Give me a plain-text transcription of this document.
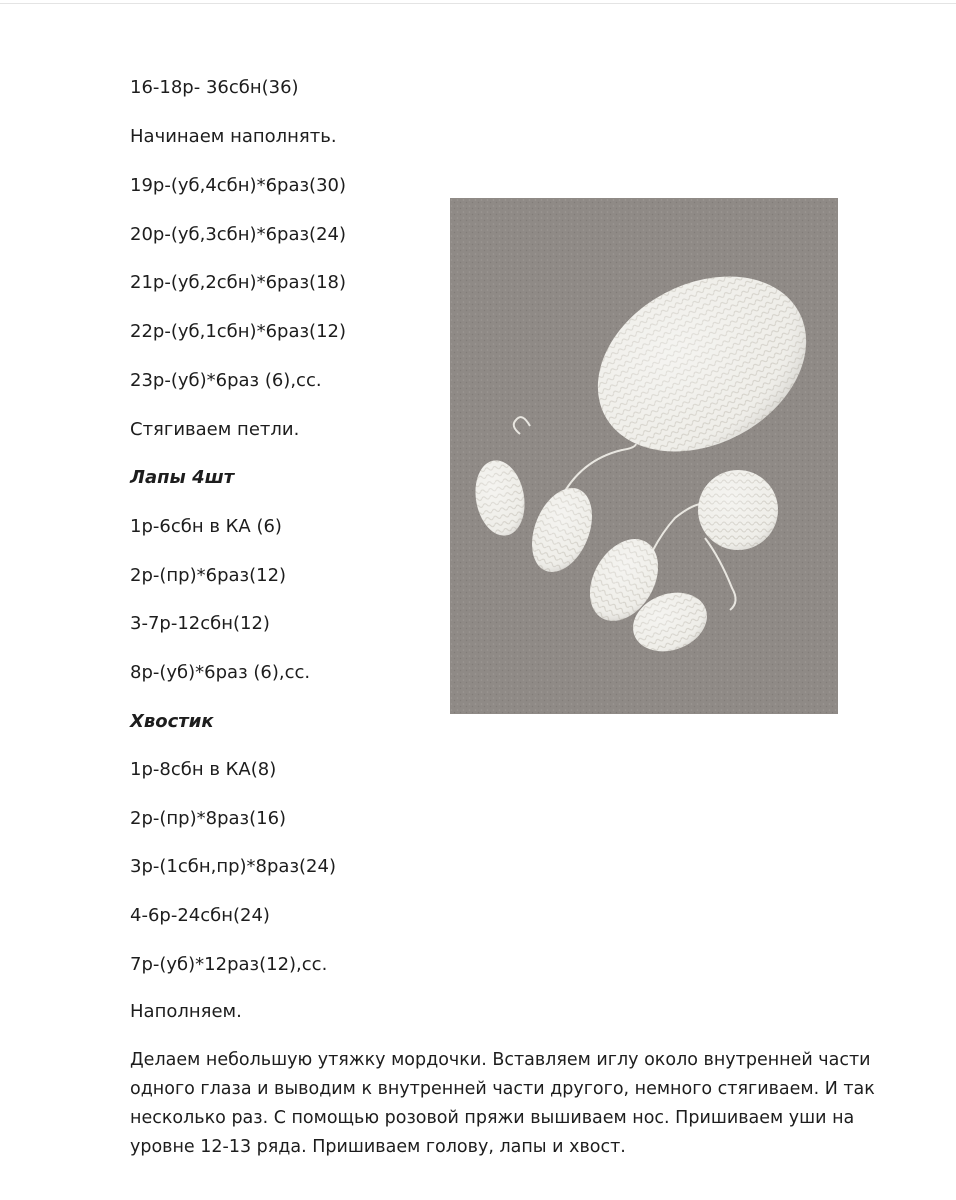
16-18р- 36сбн(36)
Начинаем наполнять.
19р-(уб,4сбн)*6раз(30)
20р-(уб,3сбн)*6раз(24)
21р-(уб,2сбн)*6раз(18)
22р-(уб,1сбн)*6раз(12)
23р-(уб)*6раз (6),сс.
Стягиваем петли.
Лапы 4шт
1р-6сбн в КА (6)
2р-(пр)*6раз(12)
3-7р-12сбн(12)
8р-(уб)*6раз (6),сс.
Хвостик
1р-8сбн в КА(8)
2р-(пр)*8раз(16)
3р-(1сбн,пр)*8раз(24)
4-6р-24сбн(24)
7р-(уб)*12раз(12),сс.
Наполняем.
Делаем небольшую утяжку мордочки. Вставляем иглу около внутренней части одного глаза и выводим к внутренней части другого, немного стягиваем. И так несколько раз. С помощью розовой пряжи вышиваем нос. Пришиваем уши на уровне 12-13 ряда. Пришиваем голову, лапы и хвост.
